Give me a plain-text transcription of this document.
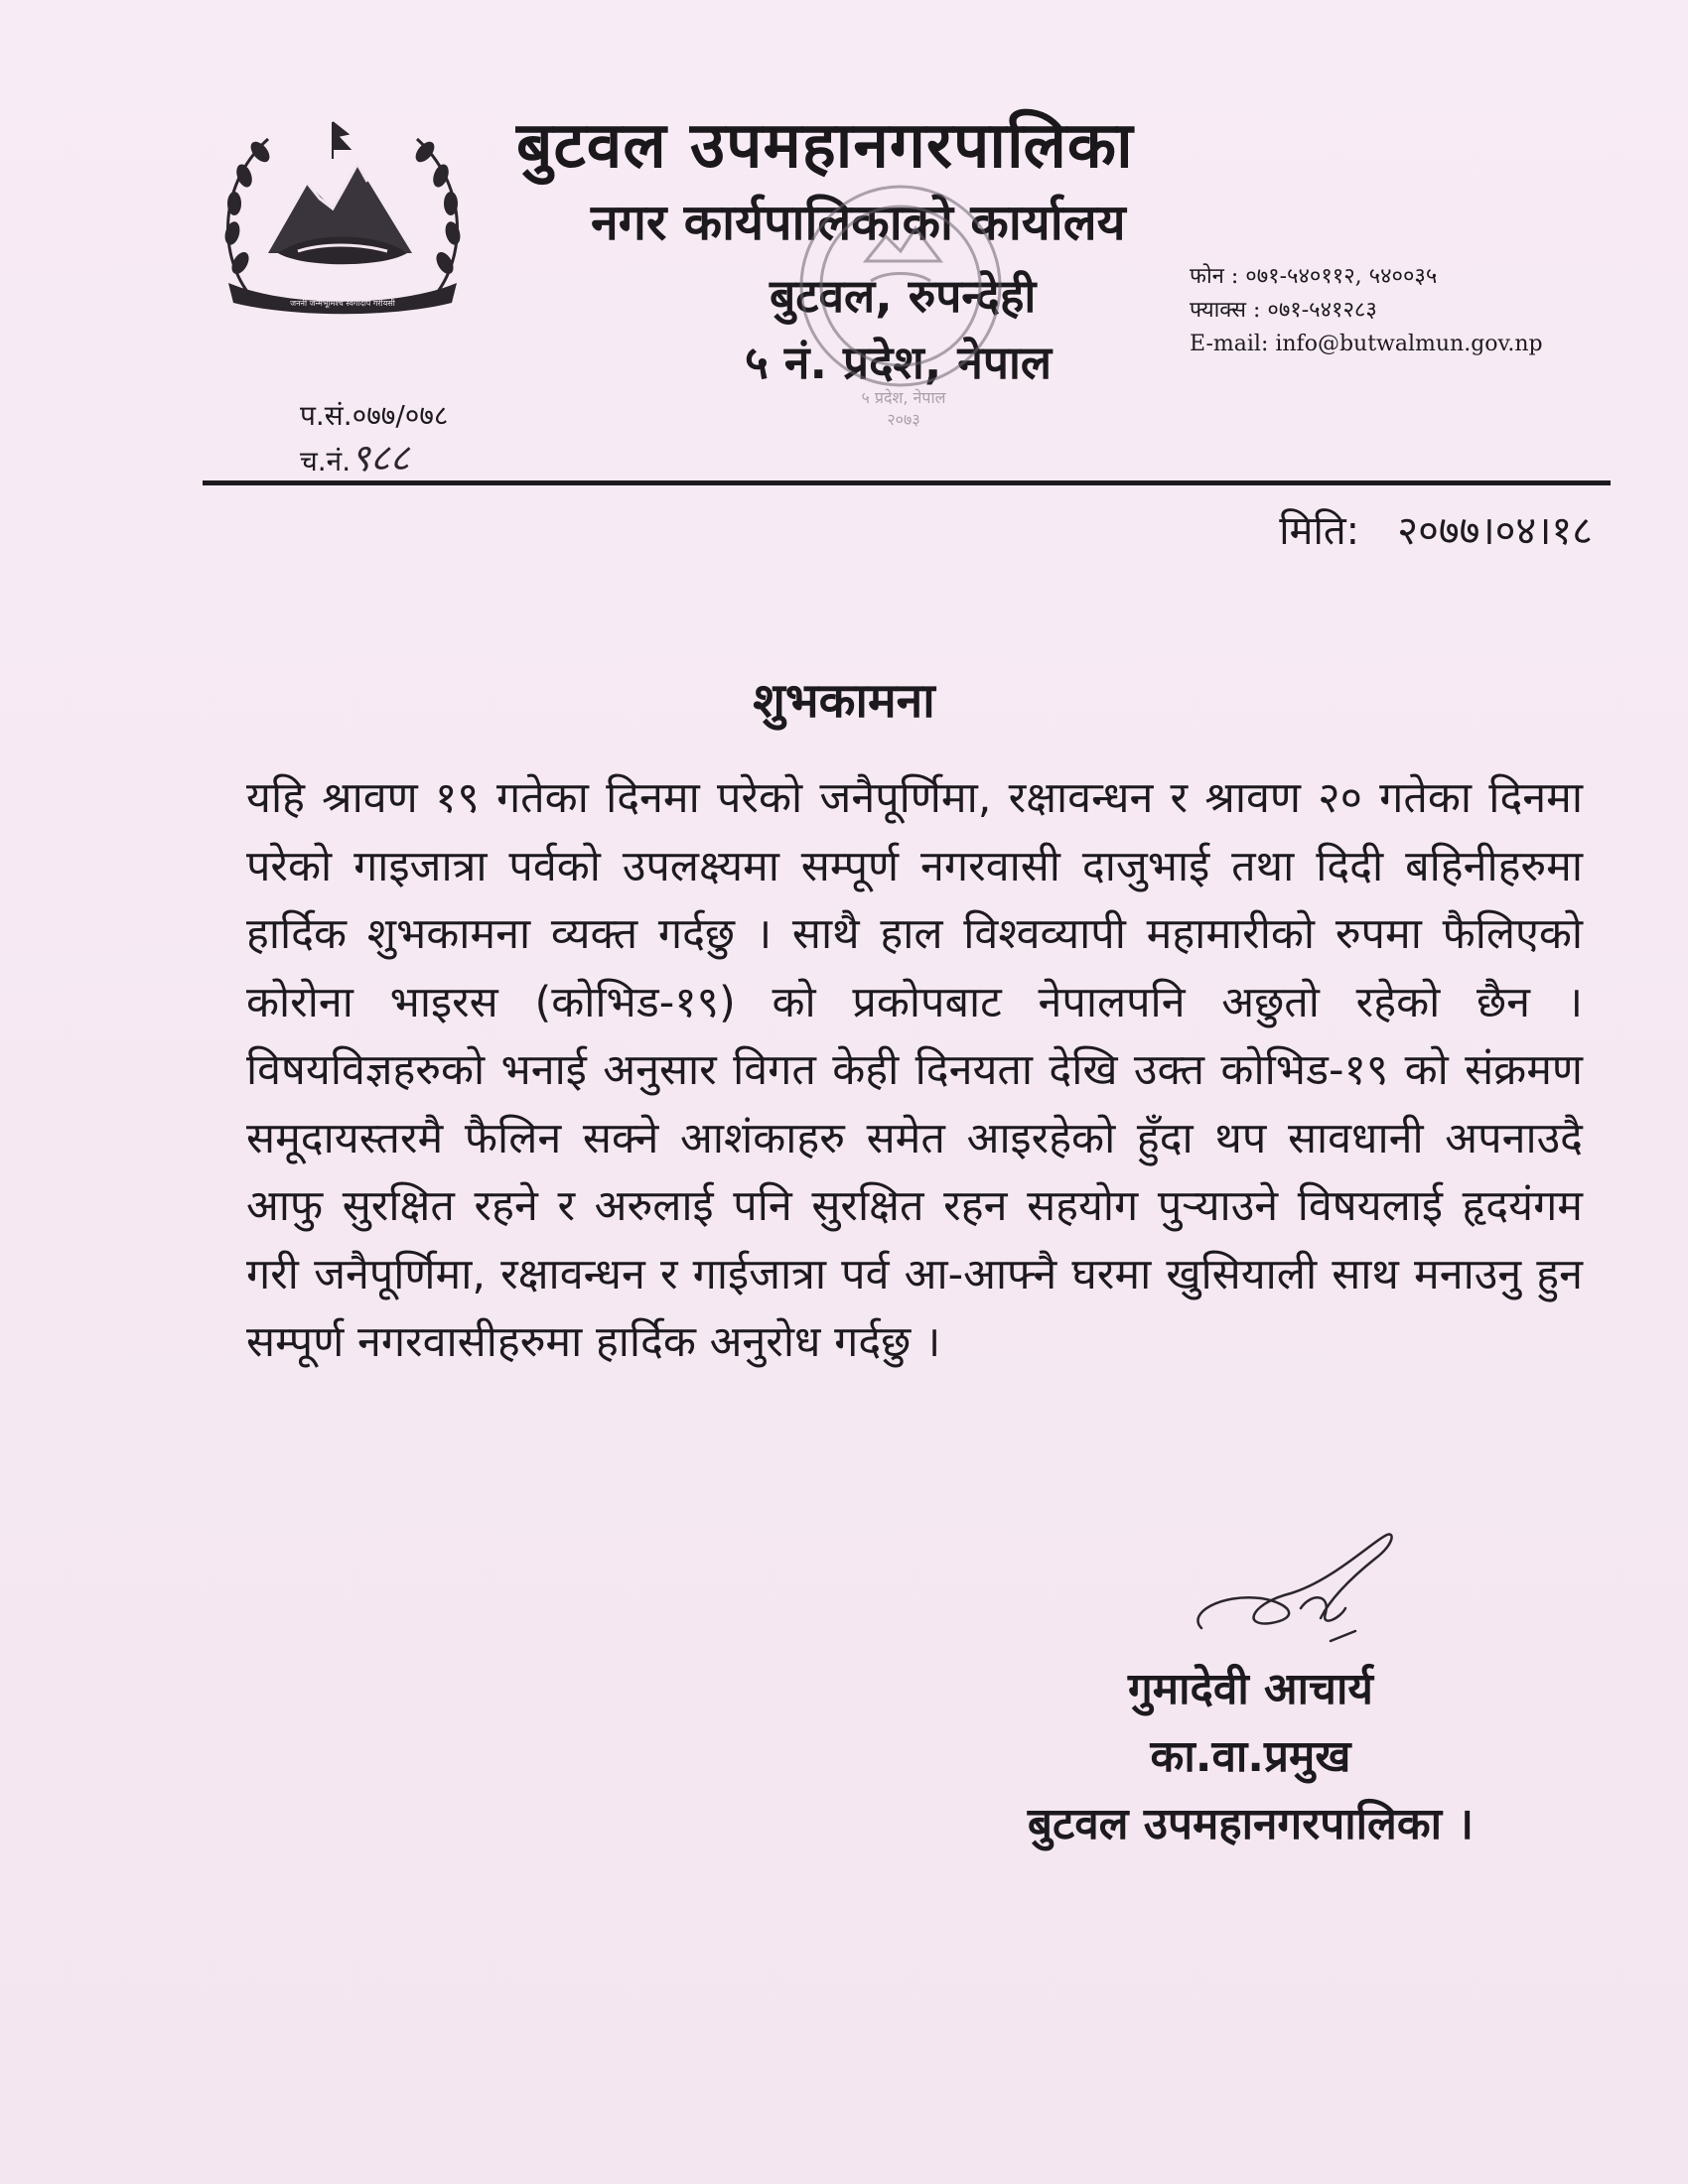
जननी जन्मभूमिश्च स्वर्गादपि गरीयसी
बुटवल उपमहानगरपालिका
नगर कार्यपालिकाको कार्यालय
बुटवल, रुपन्देही
५ नं. प्रदेश, नेपाल
५ प्रदेश, नेपाल
२०७३
फोन : ०७१-५४०११२, ५४००३५
फ्याक्स : ०७१-५४१२८३
E-mail: info@butwalmun.gov.np
प.सं.०७७/०७८
च.नं.९८८
मिति: २०७७।०४।१८
शुभकामना
यहि श्रावण १९ गतेका दिनमा परेको जनैपूर्णिमा, रक्षावन्धन र श्रावण २० गतेका दिनमा परेको गाइजात्रा पर्वको उपलक्ष्यमा सम्पूर्ण नगरवासी दाजुभाई तथा दिदी बहिनीहरुमा हार्दिक शुभकामना व्यक्त गर्दछु । साथै हाल विश्वव्यापी महामारीको रुपमा फैलिएको कोरोना भाइरस (कोभिड-१९) को प्रकोपबाट नेपालपनि अछुतो रहेको छैन । विषयविज्ञहरुको भनाई अनुसार विगत केही दिनयता देखि उक्त कोभिड-१९ को संक्रमण समूदायस्तरमै फैलिन सक्ने आशंकाहरु समेत आइरहेको हुँदा थप सावधानी अपनाउदै आफु सुरक्षित रहने र अरुलाई पनि सुरक्षित रहन सहयोग पुऱ्याउने विषयलाई हृदयंगम गरी जनैपूर्णिमा, रक्षावन्धन र गाईजात्रा पर्व आ-आफ्नै घरमा खुसियाली साथ मनाउनु हुन सम्पूर्ण नगरवासीहरुमा हार्दिक अनुरोध गर्दछु ।
गुमादेवी आचार्य
का.वा.प्रमुख
बुटवल उपमहानगरपालिका ।
